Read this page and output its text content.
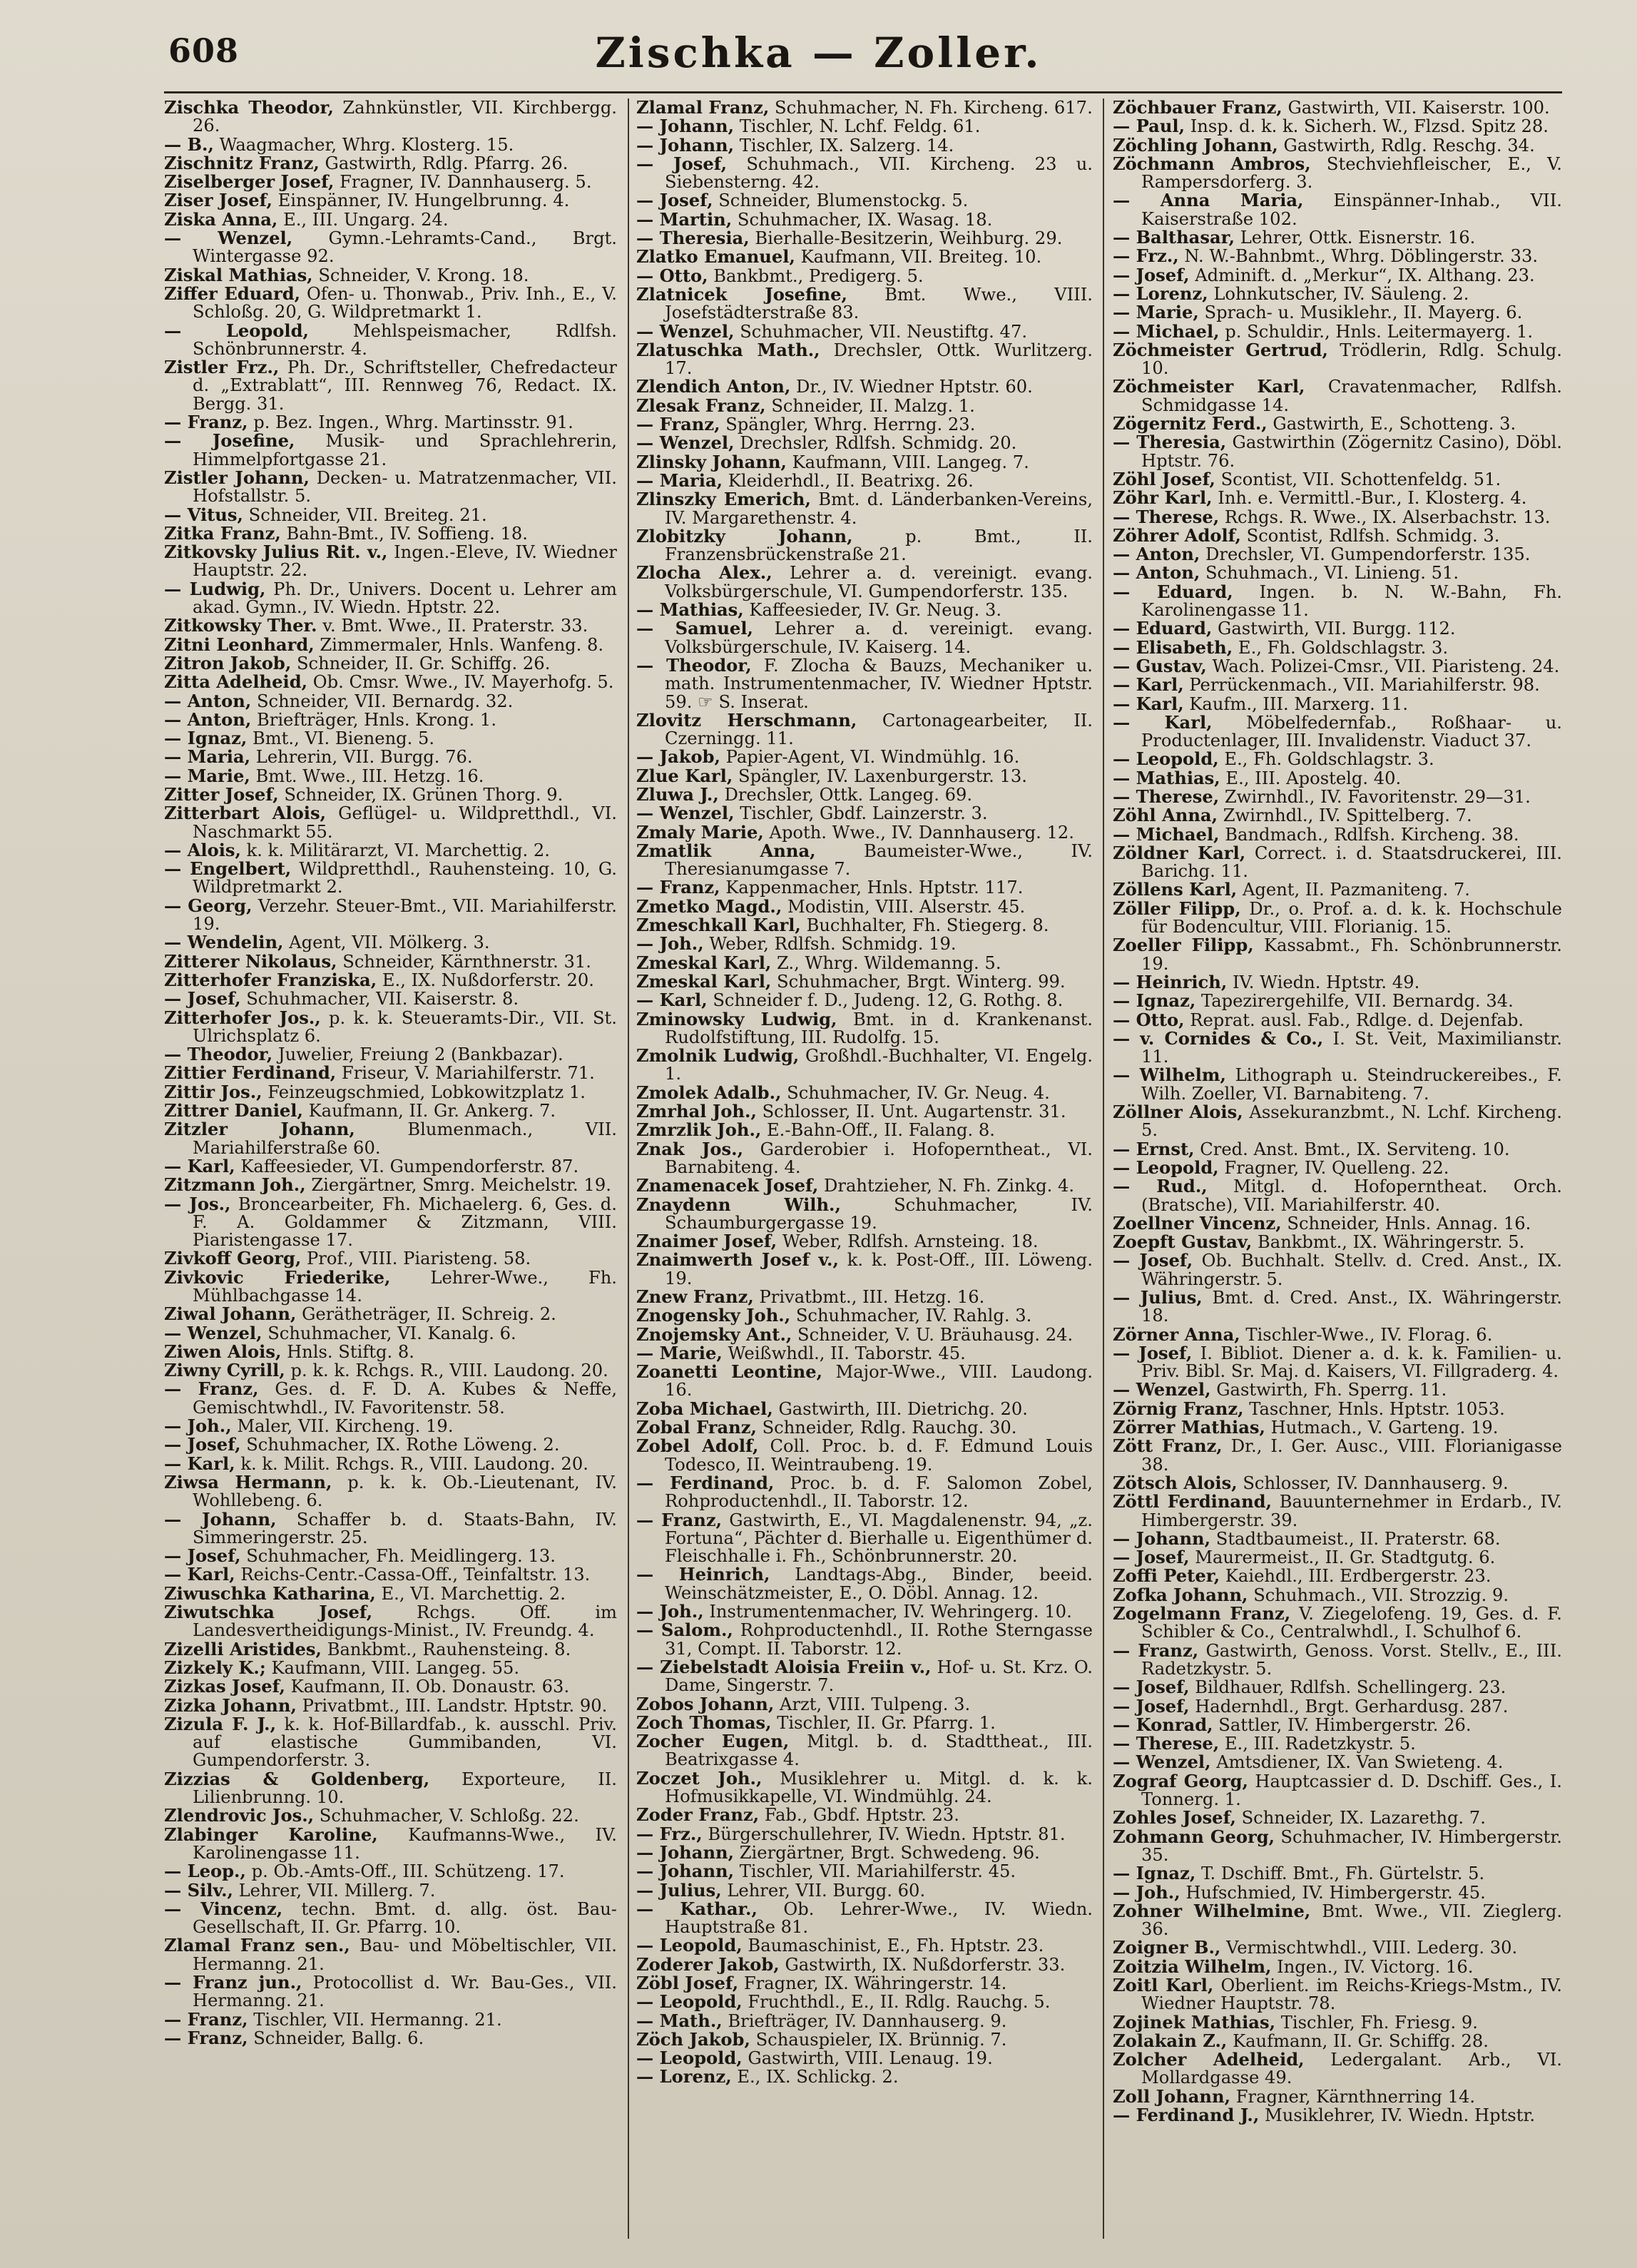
608	Zischka — Zoller.

Zischka Theodor, Zahnkünstler, VII. Kirchbergg. 26.

— B., Waagmacher, Whrg. Klosterg. 15.

Zischnitz Franz, Gastwirth, Rdlg. Pfarrg. 26.

Ziselberger Josef, Fragner, IV. Dannhauserg. 5.

Ziser Josef, Einspänner, IV. Hungelbrunng. 4.

Ziska Anna, E., III. Ungarg. 24.

— Wenzel, Gymn.-Lehramts-Cand., Brgt. Wintergasse 92.

Ziskal Mathias, Schneider, V. Krong. 18.

Ziffer Eduard, Ofen- u. Thonwab., Priv. Inh., E., V. Schloßg. 20, G. Wildpretmarkt 1.

— Leopold,	Mehlspeismacher, Rdlfsh. Schönbrunnerstr. 4.

Zistler Frz., Ph. Dr., Schriftsteller, Chefredacteur d. „Extrablatt“, III. Rennweg 76, Redact. IX. Bergg. 31.

— Franz, p. Bez. Ingen., Whrg. Martinsstr. 91.

— Josefine, Musik- und Sprachlehrerin, Himmelpfortgasse 21.

Zistler Johann, Decken- u. Matratzenmacher, VII. Hofstallstr. 5.

— Vitus, Schneider, VII. Breiteg. 21.

Zitka Franz, Bahn-Bmt., IV. Soffieng. 18.

Zitkovsky Julius Rit. v., Ingen.-Eleve, IV. Wiedner Hauptstr. 22.

— Ludwig, Ph. Dr., Univers. Docent u. Lehrer am akad. Gymn., IV. Wiedn. Hptstr. 22.

Zitkowsky Ther. v. Bmt. Wwe., II. Praterstr. 33.

Zitni Leonhard, Zimmermaler, Hnls. Wanfeng. 8.

Zitron Jakob, Schneider, II. Gr. Schiffg. 26.

Zitta Adelheid, Ob. Cmsr. Wwe., IV. Mayerhofg. 5.

— Anton, Schneider, VII. Bernardg. 32.

— Anton, Briefträger, Hnls. Krong. 1.

— Ignaz, Bmt., VI. Bieneng. 5.

— Maria, Lehrerin, VII. Burgg. 76.

— Marie, Bmt. Wwe., III. Hetzg. 16.

Zitter Josef, Schneider, IX. Grünen Thorg. 9.

Zitterbart Alois, Geflügel- u. Wildpretthdl., VI. Naschmarkt 55.

— Alois, k. k. Militärarzt, VI. Marchettig. 2.

— Engelbert, Wildpretthdl., Rauhensteing. 10, G. Wildpretmarkt 2.

— Georg, Verzehr. Steuer-Bmt., VII. Mariahilferstr. 19.

— Wendelin, Agent, VII. Mölkerg. 3.

Zitterer Nikolaus, Schneider, Kärnthnerstr. 31.

Zitterhofer Franziska, E., IX. Nußdorferstr. 20.

— Josef, Schuhmacher, VII. Kaiserstr. 8.

Zitterhofer Jos., p. k. k. Steueramts-Dir., VII. St. Ulrichsplatz 6.

— Theodor, Juwelier, Freiung 2 (Bankbazar).

Zittier Ferdinand, Friseur, V. Mariahilferstr. 71.

Zittir Jos., Feinzeugschmied, Lobkowitzplatz 1.

Zittrer Daniel, Kaufmann, II. Gr. Ankerg. 7.

Zitzler Johann,	Blumenmach., VII. Mariahilferstraße 60.

— Karl, Kaffeesieder, VI. Gumpendorferstr. 87.

Zitzmann Joh., Ziergärtner, Smrg. Meichelstr. 19.

— Jos., Broncearbeiter, Fh. Michaelerg. 6, Ges. d. F. A. Goldammer & Zitzmann, VIII. Piaristengasse 17.

Zivkoff Georg, Prof., VIII. Piaristeng. 58.

Zivkovic Friederike, Lehrer-Wwe., Fh. Mühlbachgasse 14.

Ziwal Johann, Gerätheträger, II. Schreig. 2.

— Wenzel, Schuhmacher, VI. Kanalg. 6.

Ziwen Alois, Hnls. Stiftg. 8.

Ziwny Cyrill, p. k. k. Rchgs. R., VIII. Laudong. 20.

— Franz, Ges. d. F. D. A. Kubes & Neffe, Gemischtwhdl., IV. Favoritenstr. 58.

— Joh., Maler, VII. Kircheng. 19.

— Josef, Schuhmacher, IX. Rothe Löweng. 2.

— Karl, k. k. Milit. Rchgs. R., VIII. Laudong. 20.

Ziwsa Hermann, p. k. k. Ob.-Lieutenant, IV. Wohllebeng. 6.

— Johann, Schaffer b. d. Staats-Bahn, IV. Simmeringerstr. 25.

— Josef, Schuhmacher, Fh. Meidlingerg. 13.

— Karl, Reichs-Centr.-Cassa-Off., Teinfaltstr. 13.

Ziwuschka Katharina, E., VI. Marchettig. 2.

Ziwutschka Josef,	Rchgs. Off. im Landesvertheidigungs-Minist., IV. Freundg. 4.

Zizelli Aristides, Bankbmt., Rauhensteing. 8.

Zizkely K.; Kaufmann, VIII. Langeg. 55.

Zizkas Josef, Kaufmann, II. Ob. Donaustr. 63.

Zizka Johann, Privatbmt., III. Landstr. Hptstr. 90.

Zizula F. J., k. k. Hof-Billardfab., k. ausschl. Priv. auf elastische Gummibanden, VI. Gumpendorferstr. 3.

Zizzias & Goldenberg, Exporteure, II. Lilienbrunng. 10.

Zlendrovic Jos., Schuhmacher, V. Schloßg. 22.

Zlabinger Karoline, Kaufmanns-Wwe., IV. Karolinengasse 11.

— Leop., p. Ob.-Amts-Off., III. Schützeng. 17.

— Silv., Lehrer, VII. Millerg. 7.

— Vincenz, techn. Bmt. d. allg. öst. Bau-Gesellschaft, II. Gr. Pfarrg. 10.

Zlamal Franz sen., Bau- und Möbeltischler, VII. Hermanng. 21.

— Franz jun., Protocollist d. Wr. Bau-Ges., VII. Hermanng. 21.

— Franz, Tischler, VII. Hermanng. 21.

— Franz, Schneider, Ballg. 6.

Zlamal Franz, Schuhmacher, N. Fh. Kircheng. 617.

— Johann, Tischler, N. Lchf. Feldg. 61.

— Johann, Tischler, IX. Salzerg. 14.

— Josef, Schuhmach., VII. Kircheng. 23 u. Siebensterng. 42.

— Josef, Schneider, Blumenstockg. 5.

— Martin, Schuhmacher, IX. Wasag. 18.

— Theresia, Bierhalle-Besitzerin, Weihburg. 29.

Zlatko Emanuel, Kaufmann, VII. Breiteg. 10.

— Otto, Bankbmt., Predigerg. 5.

Zlatnicek Josefine, Bmt. Wwe., VIII. Josefstädterstraße 83.

— Wenzel, Schuhmacher, VII. Neustiftg. 47.

Zlatuschka Math., Drechsler, Ottk. Wurlitzerg. 17.

Zlendich Anton, Dr., IV. Wiedner Hptstr. 60.

Zlesak Franz, Schneider, II. Malzg. 1.

— Franz, Spängler, Whrg. Herrng. 23.

— Wenzel, Drechsler, Rdlfsh. Schmidg. 20.

Zlinsky Johann, Kaufmann, VIII. Langeg. 7.

— Maria, Kleiderhdl., II. Beatrixg. 26.

Zlinszky Emerich, Bmt. d. Länderbanken-Vereins, IV. Margarethenstr. 4.

Zlobitzky Johann,	p. Bmt., II. Franzensbrückenstraße 21.

Zlocha Alex., Lehrer a. d. vereinigt. evang. Volksbürgerschule, VI. Gumpendorferstr. 135.

— Mathias, Kaffeesieder, IV. Gr. Neug. 3.

— Samuel, Lehrer a. d. vereinigt. evang. Volksbürgerschule, IV. Kaiserg. 14.

— Theodor, F. Zlocha & Bauzs, Mechaniker u. math. Instrumentenmacher, IV. Wiedner Hptstr. 59. ☞ S. Inserat.

Zlovitz Herschmann, Cartonagearbeiter, II. Czerningg. 11.

— Jakob, Papier-Agent, VI. Windmühlg. 16.

Zlue Karl, Spängler, IV. Laxenburgerstr. 13.

Zluwa J., Drechsler, Ottk. Langeg. 69.

— Wenzel, Tischler, Gbdf. Lainzerstr. 3.

Zmaly Marie, Apoth. Wwe., IV. Dannhauserg. 12.

Zmatlik Anna,	Baumeister-Wwe., IV. Theresianumgasse 7.

— Franz, Kappenmacher, Hnls. Hptstr. 117.

Zmetko Magd., Modistin, VIII. Alserstr. 45.

Zmeschkall Karl, Buchhalter, Fh. Stiegerg. 8.

— Joh., Weber, Rdlfsh. Schmidg. 19.

Zmeskal Karl, Z., Whrg. Wildemanng. 5.

Zmeskal Karl, Schuhmacher, Brgt. Winterg. 99.

— Karl, Schneider f. D., Judeng. 12, G. Rothg. 8.

Zminowsky Ludwig, Bmt. in d. Krankenanst. Rudolfstiftung, III. Rudolfg. 15.

Zmolnik Ludwig, Großhdl.-Buchhalter, VI. Engelg. 1.

Zmolek Adalb., Schuhmacher, IV. Gr. Neug. 4.

Zmrhal Joh., Schlosser, II. Unt. Augartenstr. 31.

Zmrzlik Joh., E.-Bahn-Off., II. Falang. 8.

Znak Jos., Garderobier i. Hofoperntheat., VI. Barnabiteng. 4.

Znamenacek Josef, Drahtzieher, N. Fh. Zinkg. 4.

Znaydenn Wilh.,	Schuhmacher, IV. Schaumburgergasse 19.

Znaimer Josef, Weber, Rdlfsh. Arnsteing. 18.

Znaimwerth Josef v., k. k. Post-Off., III. Löweng. 19.

Znew Franz, Privatbmt., III. Hetzg. 16.

Znogensky Joh., Schuhmacher, IV. Rahlg. 3.

Znojemsky Ant., Schneider, V. U. Bräuhausg. 24.

— Marie, Weißwhdl., II. Taborstr. 45.

Zoanetti Leontine, Major-Wwe., VIII. Laudong. 16.

Zoba Michael, Gastwirth, III. Dietrichg. 20.

Zobal Franz, Schneider, Rdlg. Rauchg. 30.

Zobel Adolf, Coll. Proc. b. d. F. Edmund Louis Todesco, II. Weintraubeng. 19.

— Ferdinand, Proc. b. d. F. Salomon Zobel, Rohproductenhdl., II. Taborstr. 12.

— Franz, Gastwirth, E., VI. Magdalenenstr. 94, „z. Fortuna“, Pächter d. Bierhalle u. Eigenthümer d. Fleischhalle i. Fh., Schönbrunnerstr. 20.

— Heinrich, Landtags-Abg., Binder, beeid. Weinschätzmeister, E., O. Döbl. Annag. 12.

— Joh., Instrumentenmacher, IV. Wehringerg. 10.

— Salom., Rohproductenhdl., II. Rothe Sterngasse 31, Compt. II. Taborstr. 12.

— Ziebelstadt Aloisia Freiin v., Hof- u. St. Krz. O. Dame, Singerstr. 7.

Zobos Johann, Arzt, VIII. Tulpeng. 3.

Zoch Thomas, Tischler, II. Gr. Pfarrg. 1.

Zocher Eugen, Mitgl. b. d. Stadttheat., III. Beatrixgasse 4.

Zoczet Joh., Musiklehrer u. Mitgl. d. k. k. Hofmusikkapelle, VI. Windmühlg. 24.

Zoder Franz, Fab., Gbdf. Hptstr. 23.

— Frz., Bürgerschullehrer, IV. Wiedn. Hptstr. 81.

— Johann, Ziergärtner, Brgt. Schwedeng. 96.

— Johann, Tischler, VII. Mariahilferstr. 45.

— Julius, Lehrer, VII. Burgg. 60.

— Kathar., Ob. Lehrer-Wwe., IV. Wiedn. Hauptstraße 81.

— Leopold, Baumaschinist, E., Fh. Hptstr. 23.

Zoderer Jakob, Gastwirth, IX. Nußdorferstr. 33.

Zöbl Josef, Fragner, IX. Währingerstr. 14.

— Leopold, Fruchthdl., E., II. Rdlg. Rauchg. 5.

— Math., Briefträger, IV. Dannhauserg. 9.

Zöch Jakob, Schauspieler, IX. Brünnig. 7.

— Leopold, Gastwirth, VIII. Lenaug. 19.

— Lorenz, E., IX. Schlickg. 2.

Zöchbauer Franz, Gastwirth, VII. Kaiserstr. 100.

— Paul, Insp. d. k. k. Sicherh. W., Flzsd. Spitz 28.

Zöchling Johann, Gastwirth, Rdlg. Reschg. 34.

Zöchmann Ambros, Stechviehfleischer, E., V. Rampersdorferg. 3.

— Anna Maria, Einspänner-Inhab., VII. Kaiserstraße 102.

— Balthasar, Lehrer, Ottk. Eisnerstr. 16.

— Frz., N. W.-Bahnbmt., Whrg. Döblingerstr. 33.

— Josef, Adminift. d. „Merkur“, IX. Althang. 23.

— Lorenz, Lohnkutscher, IV. Säuleng. 2.

— Marie, Sprach- u. Musiklehr., II. Mayerg. 6.

— Michael, p. Schuldir., Hnls. Leitermayerg. 1.

Zöchmeister Gertrud, Trödlerin, Rdlg. Schulg. 10.

Zöchmeister Karl, Cravatenmacher, Rdlfsh. Schmidgasse 14.

Zögernitz Ferd., Gastwirth, E., Schotteng. 3.

— Theresia, Gastwirthin (Zögernitz Casino), Döbl. Hptstr. 76.

Zöhl Josef, Scontist, VII. Schottenfeldg. 51.

Zöhr Karl, Inh. e. Vermittl.-Bur., I. Klosterg. 4.

— Therese, Rchgs. R. Wwe., IX. Alserbachstr. 13.

Zöhrer Adolf, Scontist, Rdlfsh. Schmidg. 3.

— Anton, Drechsler, VI. Gumpendorferstr. 135.

— Anton, Schuhmach., VI. Linieng. 51.

— Eduard, Ingen. b. N. W.-Bahn, Fh. Karolinengasse 11.

— Eduard, Gastwirth, VII. Burgg. 112.

— Elisabeth, E., Fh. Goldschlagstr. 3.

— Gustav, Wach. Polizei-Cmsr., VII. Piaristeng. 24.

— Karl, Perrückenmach., VII. Mariahilferstr. 98.

— Karl, Kaufm., III. Marxerg. 11.

— Karl, Möbelfedernfab., Roßhaar- u. Productenlager, III. Invalidenstr. Viaduct 37.

— Leopold, E., Fh. Goldschlagstr. 3.

— Mathias, E., III. Apostelg. 40.

— Therese, Zwirnhdl., IV. Favoritenstr. 29—31.

Zöhl Anna, Zwirnhdl., IV. Spittelberg. 7.

— Michael, Bandmach., Rdlfsh. Kircheng. 38.

Zöldner Karl, Correct. i. d. Staatsdruckerei, III. Barichg. 11.

Zöllens Karl, Agent, II. Pazmaniteng. 7.

Zöller Filipp, Dr., o. Prof. a. d. k. k. Hochschule für Bodencultur, VIII. Florianig. 15.

Zoeller Filipp, Kassabmt., Fh. Schönbrunnerstr. 19.

— Heinrich, IV. Wiedn. Hptstr. 49.

— Ignaz, Tapezirergehilfe, VII. Bernardg. 34.

— Otto, Reprat. ausl. Fab., Rdlge. d. Dejenfab.

— v. Cornides & Co., I. St. Veit, Maximilianstr. 11.

— Wilhelm, Lithograph u. Steindruckereibes., F. Wilh. Zoeller, VI. Barnabiteng. 7.

Zöllner Alois, Assekuranzbmt., N. Lchf. Kircheng. 5.

— Ernst, Cred. Anst. Bmt., IX. Serviteng. 10.

— Leopold, Fragner, IV. Quelleng. 22.

— Rud., Mitgl. d. Hofoperntheat. Orch. (Bratsche), VII. Mariahilferstr. 40.

Zoellner Vincenz, Schneider, Hnls. Annag. 16.

Zoepft Gustav, Bankbmt., IX. Währingerstr. 5.

— Josef, Ob. Buchhalt. Stellv. d. Cred. Anst., IX. Währingerstr. 5.

— Julius, Bmt. d. Cred. Anst., IX. Währingerstr. 18.

Zörner Anna, Tischler-Wwe., IV. Florag. 6.

— Josef, I. Bibliot. Diener a. d. k. k. Familien- u. Priv. Bibl. Sr. Maj. d. Kaisers, VI. Fillgraderg. 4.

— Wenzel, Gastwirth, Fh. Sperrg. 11.

Zörnig Franz, Taschner, Hnls. Hptstr. 1053.

Zörrer Mathias, Hutmach., V. Garteng. 19.

Zött Franz, Dr., I. Ger. Ausc., VIII. Florianigasse 38.

Zötsch Alois, Schlosser, IV. Dannhauserg. 9.

Zöttl Ferdinand, Bauunternehmer in Erdarb., IV. Himbergerstr. 39.

— Johann, Stadtbaumeist., II. Praterstr. 68.

— Josef, Maurermeist., II. Gr. Stadtgutg. 6.

Zoffi Peter, Kaiehdl., III. Erdbergerstr. 23.

Zofka Johann, Schuhmach., VII. Strozzig. 9.

Zogelmann Franz, V. Ziegelofeng. 19, Ges. d. F. Schibler & Co., Centralwhdl., I. Schulhof 6.

— Franz, Gastwirth, Genoss. Vorst. Stellv., E., III. Radetzkystr. 5.

— Josef, Bildhauer, Rdlfsh. Schellingerg. 23.

— Josef, Hadernhdl., Brgt. Gerhardusg. 287.

— Konrad, Sattler, IV. Himbergerstr. 26.

— Therese, E., III. Radetzkystr. 5.

— Wenzel, Amtsdiener, IX. Van Swieteng. 4.

Zograf Georg, Hauptcassier d. D. Dschiff. Ges., I. Tonnerg. 1.

Zohles Josef, Schneider, IX. Lazarethg. 7.

Zohmann Georg, Schuhmacher, IV. Himbergerstr. 35.

— Ignaz, T. Dschiff. Bmt., Fh. Gürtelstr. 5.

— Joh., Hufschmied, IV. Himbergerstr. 45.

Zohner Wilhelmine, Bmt. Wwe., VII. Zieglerg. 36.

Zoigner B., Vermischtwhdl., VIII. Lederg. 30.

Zoitzia Wilhelm, Ingen., IV. Victorg. 16.

Zoitl Karl, Oberlient. im Reichs-Kriegs-Mstm., IV. Wiedner Hauptstr. 78.

Zojinek Mathias, Tischler, Fh. Friesg. 9.

Zolakain Z., Kaufmann, II. Gr. Schiffg. 28.

Zolcher Adelheid, Ledergalant. Arb., VI. Mollardgasse 49.

Zoll Johann, Fragner, Kärnthnerring 14.

— Ferdinand J., Musiklehrer, IV. Wiedn. Hptstr.
